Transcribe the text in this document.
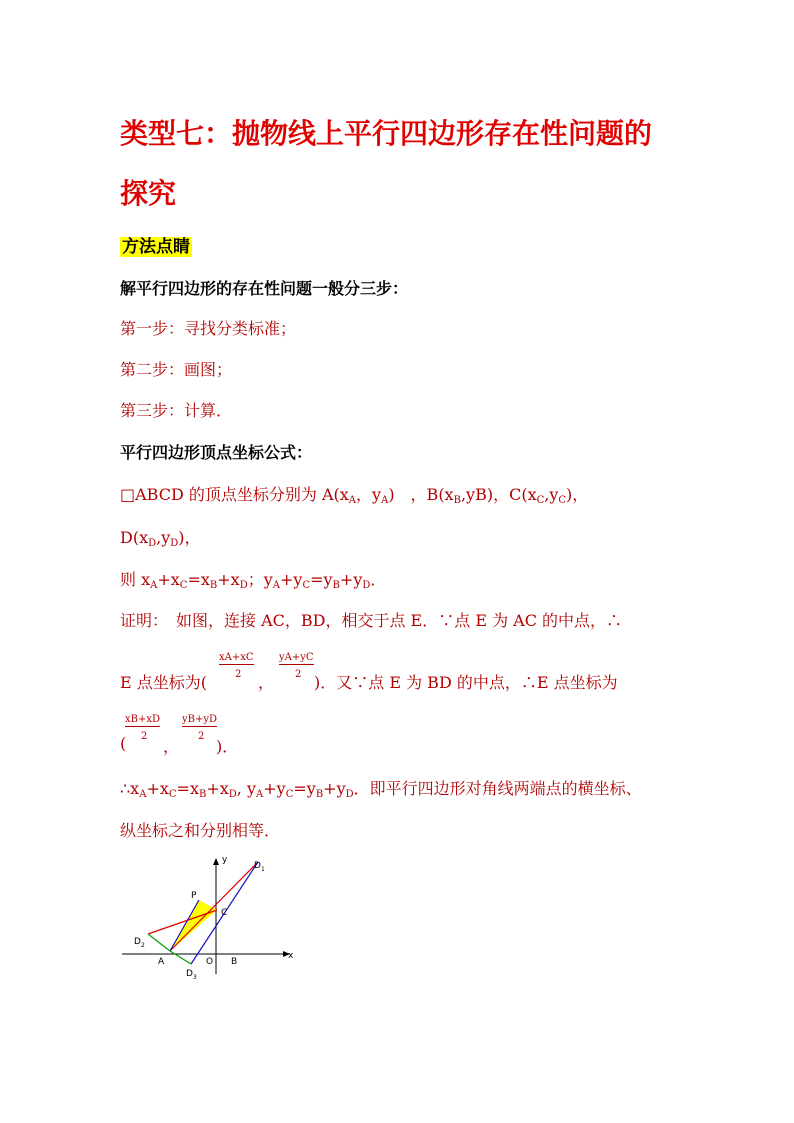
类型七：抛物线上平行四边形存在性问题的
探究
方法点睛
解平行四边形的存在性问题一般分三步：
第一步：寻找分类标准；
第二步：画图；
第三步：计算．
平行四边形顶点坐标公式：
□ABCD 的顶点坐标分别为 $A(x_A$，$y_A$)　，$B(x_B,yB)$，$C(x_C,y_C)$，
$D(x_D,y_D)$，
则 $x_A+x_C=x_B+x_D$；$y_A+y_C=y_B+y_D$．
证明：　如图，连接 AC，BD，相交于点 E．∵点 E 为 AC 的中点，∴
E 点坐标为(
xA+xC
2 ，
yA+yC
2 )．又∵点 E 为 BD 的中点，∴E 点坐标为
(
xB+xD
2
，
yB+yD
2
)．
$\therefore x_A+x_C=x_B+x_D$, $y_A+y_C=y_B+y_D$．即平行四边形对角线两端点的横坐标、
纵坐标之和分别相等．
y
x
$D_1$
P
C
$D_2$
A	O B
$D_3$
